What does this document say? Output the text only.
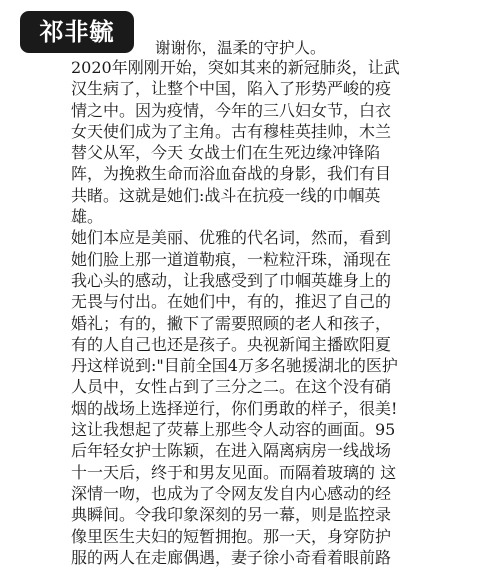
祁非毓
谢谢你，温柔的守护人。
2020年刚刚开始，突如其来的新冠肺炎，让武
汉生病了，让整个中国，陷入了形势严峻的疫
情之中。因为疫情，今年的三八妇女节，白衣
女天使们成为了主角。古有穆桂英挂帅，木兰
替父从军，今天 女战士们在生死边缘冲锋陷
阵，为挽救生命而浴血奋战的身影，我们有目
共睹。这就是她们:战斗在抗疫一线的巾帼英
雄。
她们本应是美丽、优雅的代名词，然而，看到
她们脸上那一道道勒痕，一粒粒汗珠，涌现在
我心头的感动，让我感受到了巾帼英雄身上的
无畏与付出。在她们中，有的，推迟了自己的
婚礼；有的，撇下了需要照顾的老人和孩子，
有的人自己也还是孩子。央视新闻主播欧阳夏
丹这样说到:"目前全国4万多名驰援湖北的医护
人员中，女性占到了三分之二。在这个没有硝
烟的战场上选择逆行，你们勇敢的样子，很美!
这让我想起了荧幕上那些令人动容的画面。95
后年轻女护士陈颖，在进入隔离病房一线战场
十一天后，终于和男友见面。而隔着玻璃的 这
深情一吻，也成为了令网友发自内心感动的经
典瞬间。令我印象深刻的另一幕，则是监控录
像里医生夫妇的短暂拥抱。那一天，身穿防护
服的两人在走廊偶遇，妻子徐小奇看着眼前路
